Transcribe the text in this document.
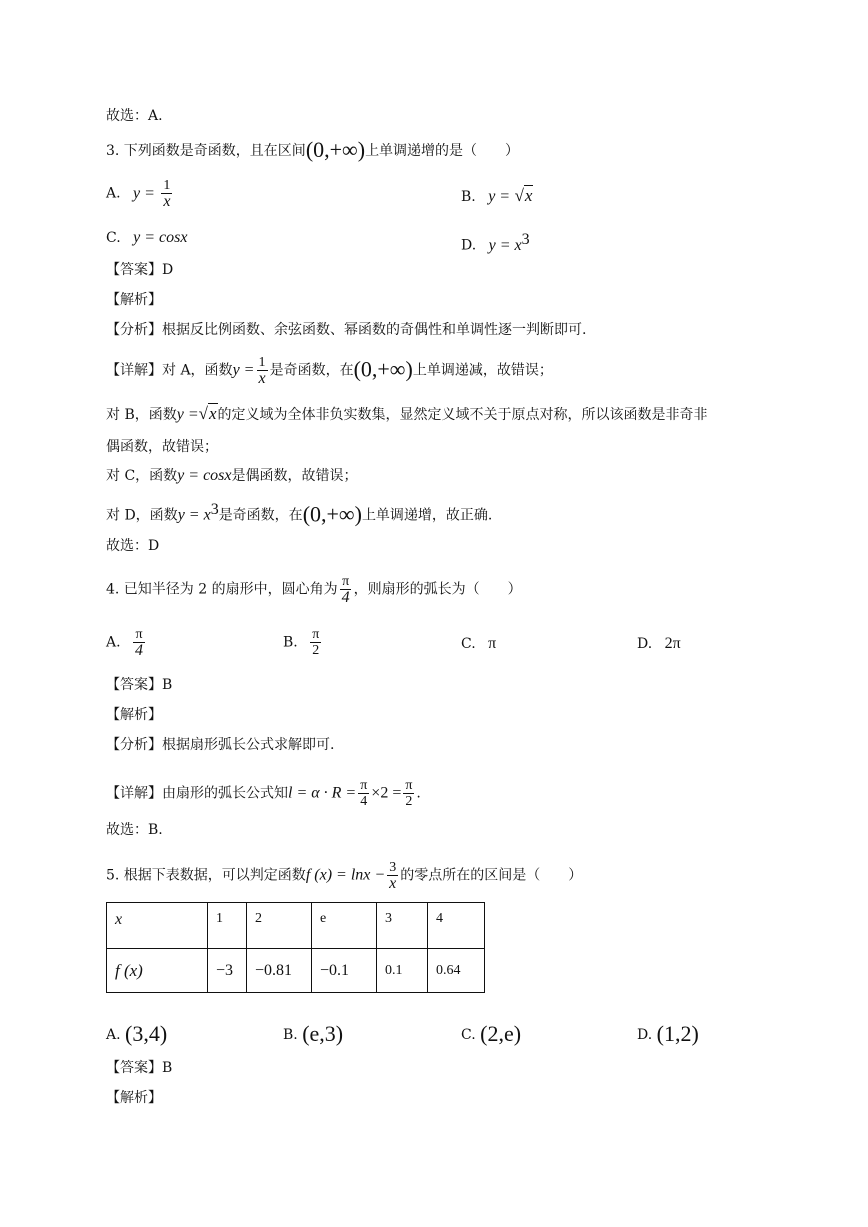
故选：A.
3. 下列函数是奇函数，且在区间(0,+∞)上单调递增的是（　　）
A. $y = \frac{1}{x}$	B. y = √x
C. y = cosx	D. $y = x^3$
【答案】D
【解析】
【分析】根据反比例函数、余弦函数、幂函数的奇偶性和单调性逐一判断即可.
【详解】对 A，函数$y = \frac{1}{x}$ 是奇函数，在(0,+∞)上单调递减，故错误；
对 B，函数y =√x的定义域为全体非负实数集，显然定义域不关于原点对称，所以该函数是非奇非
偶函数，故错误；
对 C，函数y = cosx是偶函数，故错误；
对 D，函数$y = x^3$是奇函数，在(0,+∞)上单调递增，故正确.
故选：D
4. 已知半径为 2 的扇形中，圆心角为 $\frac{\pi}{4}$ ，则扇形的弧长为（　　）
A. $\frac{\pi}{4}$	B. $\frac{\pi}{2}$	C. π	D. 2π
【答案】B
【解析】
【分析】根据扇形弧长公式求解即可.
【详解】由扇形的弧长公式知$l = \alpha \cdot R = \frac{\pi}{4} \times 2 = \frac{\pi}{2}$ .
故选：B.
5. 根据下表数据，可以判定函数f $(x) = \ln x - \frac{3}{x}$ 的零点所在的区间是（　　）
x	1	2	e	3	4
f (x)	−3	−0.81	−0.1	0.1	0.64
A. (3,4)	B. (e,3)	C. (2,e)	D. (1,2)
【答案】B
【解析】
